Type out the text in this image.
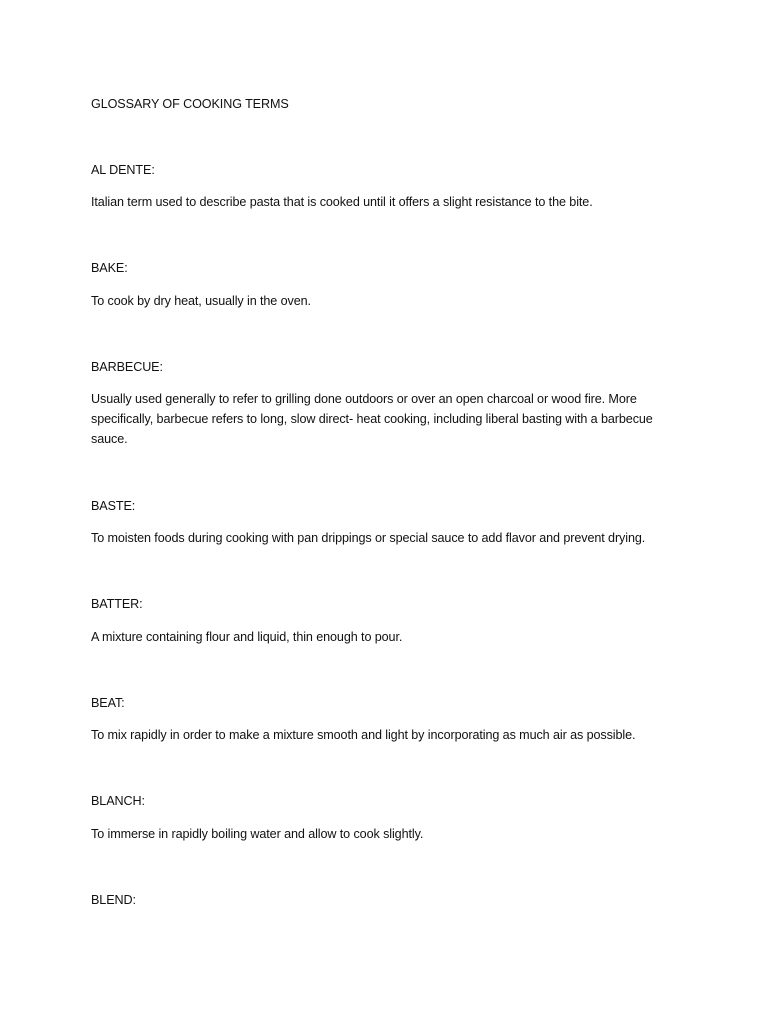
GLOSSARY OF COOKING TERMS
AL DENTE:

Italian term used to describe pasta that is cooked until it offers a slight resistance to the bite.

BAKE:

To cook by dry heat, usually in the oven.

BARBECUE:

Usually used generally to refer to grilling done outdoors or over an open charcoal or wood fire. More specifically, barbecue refers to long, slow direct- heat cooking, including liberal basting with a barbecue sauce.

BASTE:

To moisten foods during cooking with pan drippings or special sauce to add flavor and prevent drying.

BATTER:

A mixture containing flour and liquid, thin enough to pour.

BEAT:

To mix rapidly in order to make a mixture smooth and light by incorporating as much air as possible.

BLANCH:

To immerse in rapidly boiling water and allow to cook slightly.

BLEND:
